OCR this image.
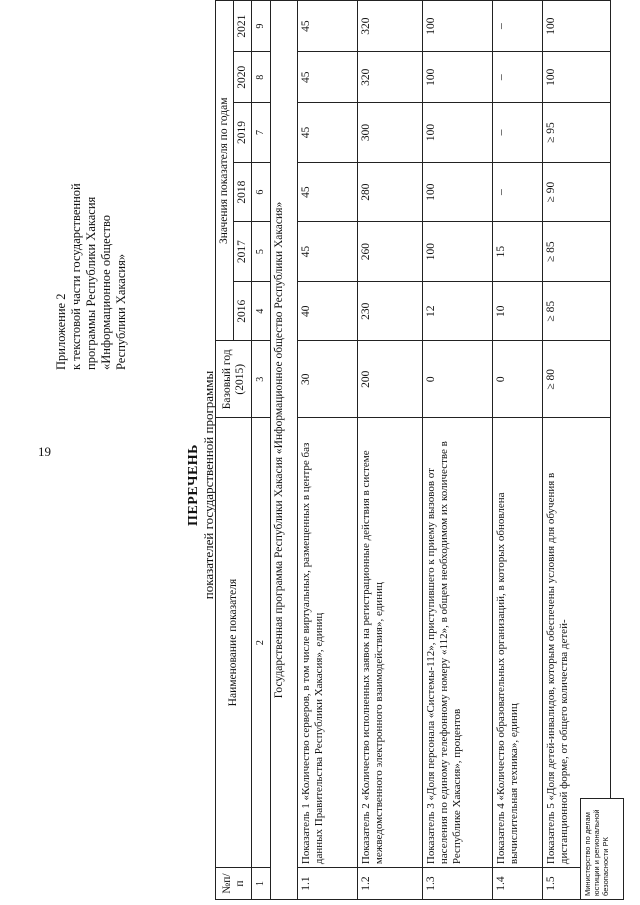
19
Приложение 2 к текстовой части государственной программы Республики Хакасия «Информационное общество Республики Хакасия»
ПЕРЕЧЕНЬ показателей государственной программы
№п/п	Наименование показателя	Базовый год (2015)	Значения показателя по годам					
			2016	2017	2018	2019	2020	2021
1	2	3	4	5	6	7	8	9
Государственная программа Республики Хакасия «Информационное общество Республики Хакасия»								
1.1	Показатель 1 «Количество серверов, в том числе виртуальных, размещенных в центре баз данных Правительства Республики Хакасия», единиц	30	40	45	45	45	45	45
1.2	Показатель 2 «Количество исполненных заявок на регистрационные действия в системе межведомственного электронного взаимодействия», единиц	200	230	260	280	300	320	320
1.3	Показатель 3 «Доля персонала «Системы-112», приступившего к приему вызовов от населения по единому телефонному номеру «112», в общем необходимом их количестве в Республике Хакасия», процентов	0	12	100	100	100	100	100
1.4	Показатель 4 «Количество образовательных организаций, в которых обновлена вычислительная техника», единиц	0	10	15	–	–	–	–
1.5	Показатель 5 «Доля детей-инвалидов, которым обеспечены условия для обучения в дистанционной форме, от общего количества детей-	≥ 80	≥ 85	≥ 85	≥ 90	≥ 95	100	100
Министерство по делам юстиции и региональной безопасности РК
